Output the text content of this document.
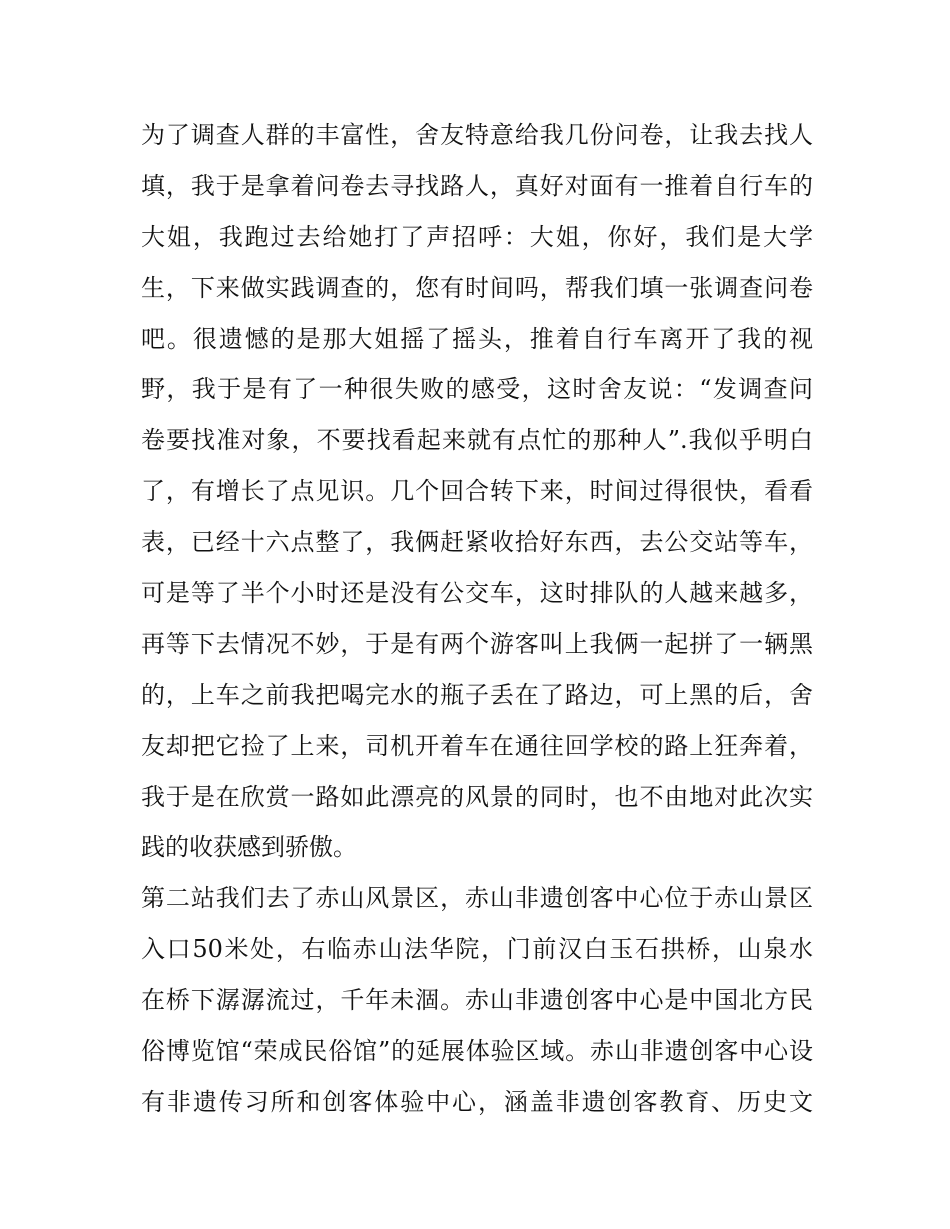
为了调查人群的丰富性，舍友特意给我几份问卷，让我去找人
填，我于是拿着问卷去寻找路人，真好对面有一推着自行车的
大姐，我跑过去给她打了声招呼：大姐，你好，我们是大学
生，下来做实践调查的，您有时间吗，帮我们填一张调查问卷
吧。很遗憾的是那大姐摇了摇头，推着自行车离开了我的视
野，我于是有了一种很失败的感受，这时舍友说：“发调查问
卷要找准对象，不要找看起来就有点忙的那种人”.我似乎明白
了，有增长了点见识。几个回合转下来，时间过得很快，看看
表，已经十六点整了，我俩赶紧收拾好东西，去公交站等车，
可是等了半个小时还是没有公交车，这时排队的人越来越多，
再等下去情况不妙，于是有两个游客叫上我俩一起拼了一辆黑
的，上车之前我把喝完水的瓶子丢在了路边，可上黑的后，舍
友却把它捡了上来，司机开着车在通往回学校的路上狂奔着，
我于是在欣赏一路如此漂亮的风景的同时，也不由地对此次实
践的收获感到骄傲。
第二站我们去了赤山风景区，赤山非遗创客中心位于赤山景区
入口50米处，右临赤山法华院，门前汉白玉石拱桥，山泉水
在桥下潺潺流过，千年未涸。赤山非遗创客中心是中国北方民
俗博览馆“荣成民俗馆”的延展体验区域。赤山非遗创客中心设
有非遗传习所和创客体验中心，涵盖非遗创客教育、历史文
